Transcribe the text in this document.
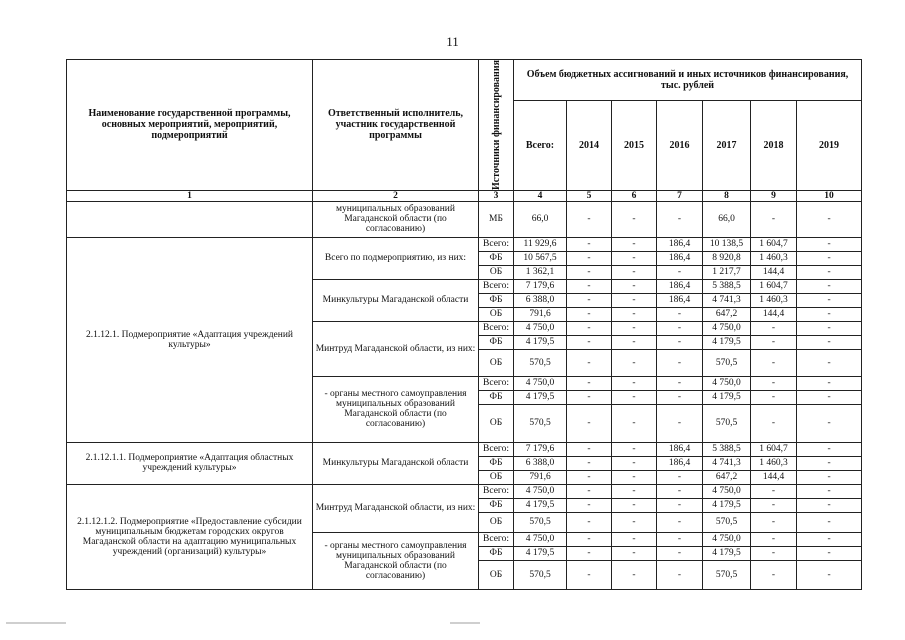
11
Наименование государственной программы, основных мероприятий, мероприятий, подмероприятий	Ответственный исполнитель, участник государственной программы	Источники финансирования	Объем бюджетных ассигнований и иных источников финансирования, тыс. рублей						
			Всего:	2014	2015	2016	2017	2018	2019
1	2	3	4	5	6	7	8	9	10
	муниципальных образований Магаданской области (по согласованию)	МБ	66,0	-	-	-	66,0	-	-
2.1.12.1. Подмероприятие «Адаптация учреждений культуры»	Всего по подмероприятию, из них:	Всего:	11 929,6	-	-	186,4	10 138,5	1 604,7	-
		ФБ	10 567,5	-	-	186,4	8 920,8	1 460,3	-
		ОБ	1 362,1	-	-	-	1 217,7	144,4	-
	Минкультуры Магаданской области	Всего:	7 179,6	-	-	186,4	5 388,5	1 604,7	-
		ФБ	6 388,0	-	-	186,4	4 741,3	1 460,3	-
		ОБ	791,6	-	-	-	647,2	144,4	-
	Минтруд Магаданской области, из них:	Всего:	4 750,0	-	-	-	4 750,0	-	-
		ФБ	4 179,5	-	-	-	4 179,5	-	-
		ОБ	570,5	-	-	-	570,5	-	-
	- органы местного самоуправления муниципальных образований Магаданской области (по согласованию)	Всего:	4 750,0	-	-	-	4 750,0	-	-
		ФБ	4 179,5	-	-	-	4 179,5	-	-
		ОБ	570,5	-	-	-	570,5	-	-
2.1.12.1.1. Подмероприятие «Адаптация областных учреждений культуры»	Минкультуры Магаданской области	Всего:	7 179,6	-	-	186,4	5 388,5	1 604,7	-
		ФБ	6 388,0	-	-	186,4	4 741,3	1 460,3	-
		ОБ	791,6	-	-	-	647,2	144,4	-
2.1.12.1.2. Подмероприятие «Предоставление субсидии муниципальным бюджетам городских округов Магаданской области на адаптацию муниципальных учреждений (организаций) культуры»	Минтруд Магаданской области, из них:	Всего:	4 750,0	-	-	-	4 750,0	-	-
		ФБ	4 179,5	-	-	-	4 179,5	-	-
		ОБ	570,5	-	-	-	570,5	-	-
	- органы местного самоуправления муниципальных образований Магаданской области (по согласованию)	Всего:	4 750,0	-	-	-	4 750,0	-	-
		ФБ	4 179,5	-	-	-	4 179,5	-	-
		ОБ	570,5	-	-	-	570,5	-	-
